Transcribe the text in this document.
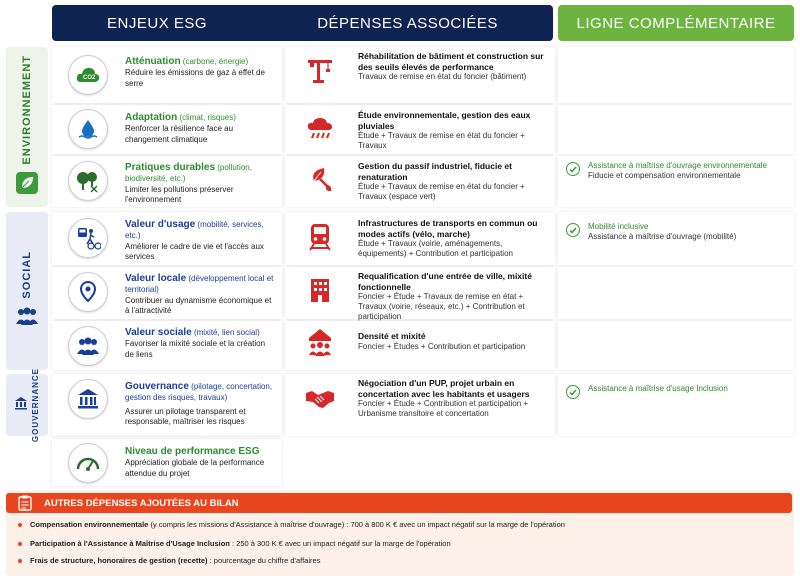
ENJEUX ESG	DÉPENSES ASSOCIÉES	LIGNE COMPLÉMENTAIRE
ENVIRONNEMENT
SOCIAL
GOUVERNANCE
CO2
Atténuation (carbone, énergie)
Réduire les émissions de gaz à effet de serre
Adaptation (climat, risques)
Renforcer la résilience face au changement climatique
Pratiques durables (pollution, biodiversité, etc.)
Limiter les pollutions préserver l'environnement
Valeur d'usage (mobilité, services, etc.)
Améliorer le cadre de vie et l'accès aux services
Valeur locale (développement local et territorial)
Contribuer au dynamisme économique et à l'attractivité
Valeur sociale (mixité, lien social)
Favoriser la mixité sociale et la création de liens
Gouvernance (pilotage, concertation, gestion des risques, travaux)
Assurer un pilotage transparent et responsable, maîtriser les risques
Niveau de performance ESG
Appréciation globale de la performance attendue du projet
Réhabilitation de bâtiment et construction sur des seuils élevés de performance
Travaux de remise en état du foncier (bâtiment)
Étude environnementale, gestion des eaux pluviales
Étude + Travaux de remise en état du foncier + Travaux
Gestion du passif industriel, fiducie et renaturation
Étude + Travaux de remise en état du foncier + Travaux (espace vert)
Infrastructures de transports en commun ou modes actifs (vélo, marche)
Étude + Travaux (voirie, aménagements, équipements) + Contribution et participation
Requalification d'une entrée de ville, mixité fonctionnelle
Foncier + Étude + Travaux de remise en état + Travaux (voirie, réseaux, etc.) + Contribution et participation
Densité et mixité
Foncier + Études + Contribution et participation
Négociation d'un PUP, projet urbain en concertation avec les habitants et usagers
Foncier + Étude + Contribution et participation + Urbanisme transitoire et concertation
Assistance à maîtrise d'ouvrage environnementale
Fiducie et compensation environnementale
Mobilité inclusive
Assistance à maîtrise d'ouvrage (mobilité)
Assistance à maîtrise d'usage Inclusion
AUTRES DÉPENSES AJOUTÉES AU BILAN
Compensation environnementale (y compris les missions d'Assistance à maîtrise d'ouvrage) : 700 à 800 K € avec un impact négatif sur la marge de l'opération
Participation à l'Assistance à Maîtrise d'Usage Inclusion : 250 à 300 K € avec un impact négatif sur la marge de l'opération
Frais de structure, honoraires de gestion (recette) : pourcentage du chiffre d'affaires
